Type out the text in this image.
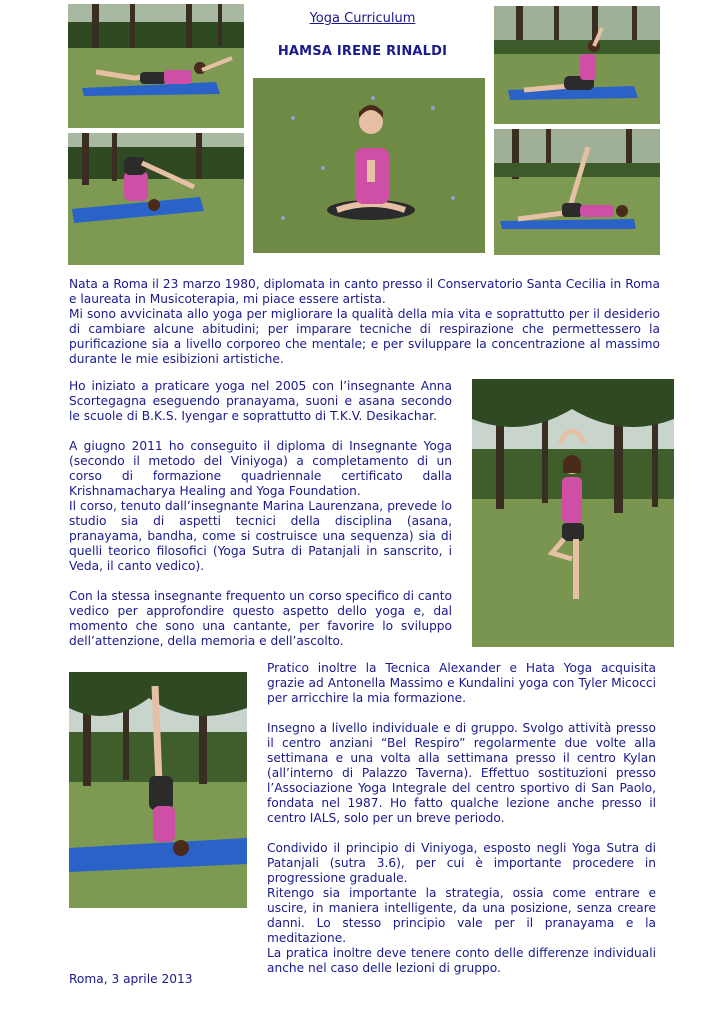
Yoga Curriculum
HAMSA IRENE RINALDI

Nata a Roma il 23 marzo 1980, diplomata in canto presso il Conservatorio Santa Cecilia in Roma e laureata in Musicoterapia, mi piace essere artista.

Mi sono avvicinata allo yoga per migliorare la qualità della mia vita e soprattutto per il desiderio di cambiare alcune abitudini; per imparare tecniche di respirazione che permettessero la purificazione sia a livello corporeo che mentale; e per sviluppare la concentrazione al massimo durante le mie esibizioni artistiche.

Ho iniziato a praticare yoga nel 2005 con l’insegnante Anna Scortegagna eseguendo pranayama, suoni e asana secondo le scuole di B.K.S. Iyengar e soprattutto di T.K.V. Desikachar.

A giugno 2011 ho conseguito il diploma di Insegnante Yoga (secondo il metodo del Viniyoga) a completamento di un corso di formazione quadriennale certificato dalla Krishnamacharya Healing and Yoga Foundation.

Il corso, tenuto dall’insegnante Marina Laurenzana, prevede lo studio sia di aspetti tecnici della disciplina (asana, pranayama, bandha, come si costruisce una sequenza) sia di quelli teorico filosofici (Yoga Sutra di Patanjali in sanscrito, i Veda, il canto vedico).

Con la stessa insegnante frequento un corso specifico di canto vedico per approfondire questo aspetto dello yoga e, dal momento che sono una cantante, per favorire lo sviluppo dell’attenzione, della memoria e dell’ascolto.

Pratico inoltre la Tecnica Alexander e Hata Yoga acquisita grazie ad Antonella Massimo e Kundalini yoga con Tyler Micocci per arricchire la mia formazione.

Insegno a livello individuale e di gruppo. Svolgo attività presso il centro anziani “Bel Respiro” regolarmente due volte alla settimana e una volta alla settimana presso il centro Kylan (all’interno di Palazzo Taverna). Effettuo sostituzioni presso l’Associazione Yoga Integrale del centro sportivo di San Paolo, fondata nel 1987. Ho fatto qualche lezione anche presso il centro IALS, solo per un breve periodo.

Condivido il principio di Viniyoga, esposto negli Yoga Sutra di Patanjali (sutra 3.6), per cui è importante procedere in progressione graduale.

Ritengo sia importante la strategia, ossia come entrare e uscire, in maniera intelligente, da una posizione, senza creare danni. Lo stesso principio vale per il pranayama e la meditazione.

La pratica inoltre deve tenere conto delle differenze individuali anche nel caso delle lezioni di gruppo.

Roma, 3 aprile 2013
